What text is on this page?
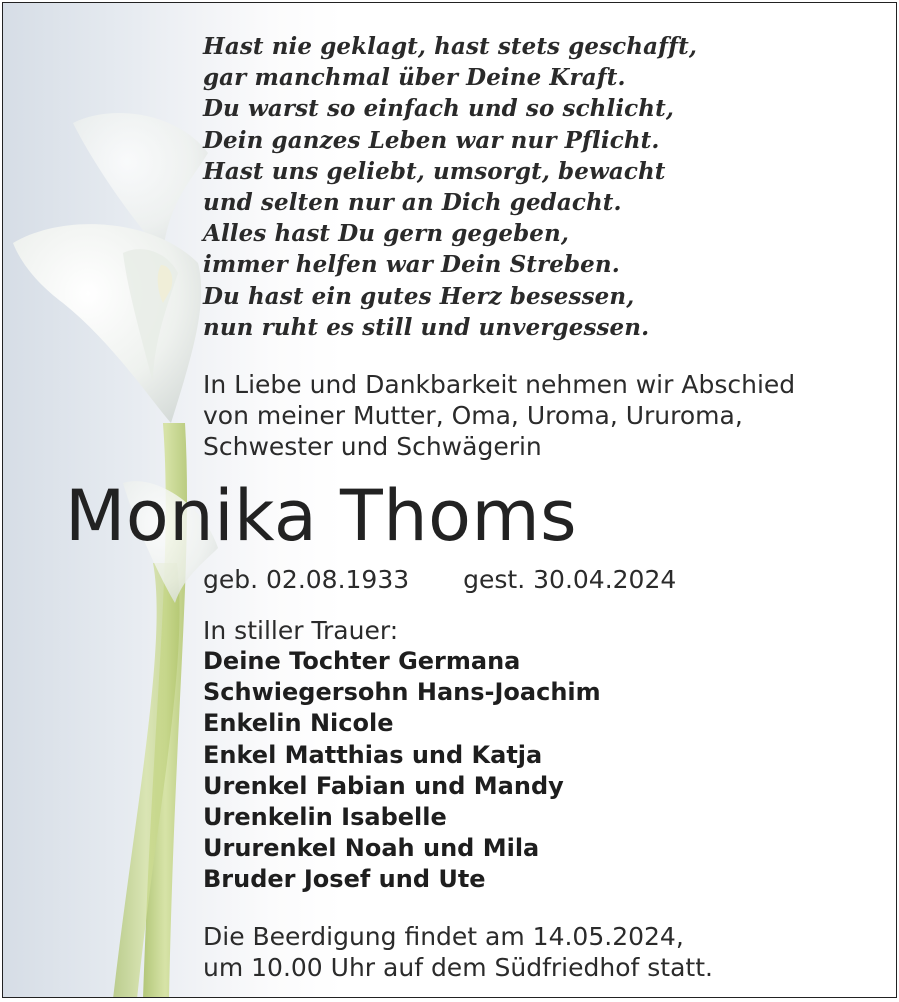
Hast nie geklagt, hast stets geschafft,
gar manchmal über Deine Kraft.
Du warst so einfach und so schlicht,
Dein ganzes Leben war nur Pflicht.
Hast uns geliebt, umsorgt, bewacht
und selten nur an Dich gedacht.
Alles hast Du gern gegeben,
immer helfen war Dein Streben.
Du hast ein gutes Herz besessen,
nun ruht es still und unvergessen.
In Liebe und Dankbarkeit nehmen wir Abschied
von meiner Mutter, Oma, Uroma, Ururoma,
Schwester und Schwägerin
Monika Thoms
geb. 02.08.1933 gest. 30.04.2024
In stiller Trauer:
Deine Tochter Germana
Schwiegersohn Hans-Joachim
Enkelin Nicole
Enkel Matthias und Katja
Urenkel Fabian und Mandy
Urenkelin Isabelle
Ururenkel Noah und Mila
Bruder Josef und Ute
Die Beerdigung findet am 14.05.2024,
um 10.00 Uhr auf dem Südfriedhof statt.
